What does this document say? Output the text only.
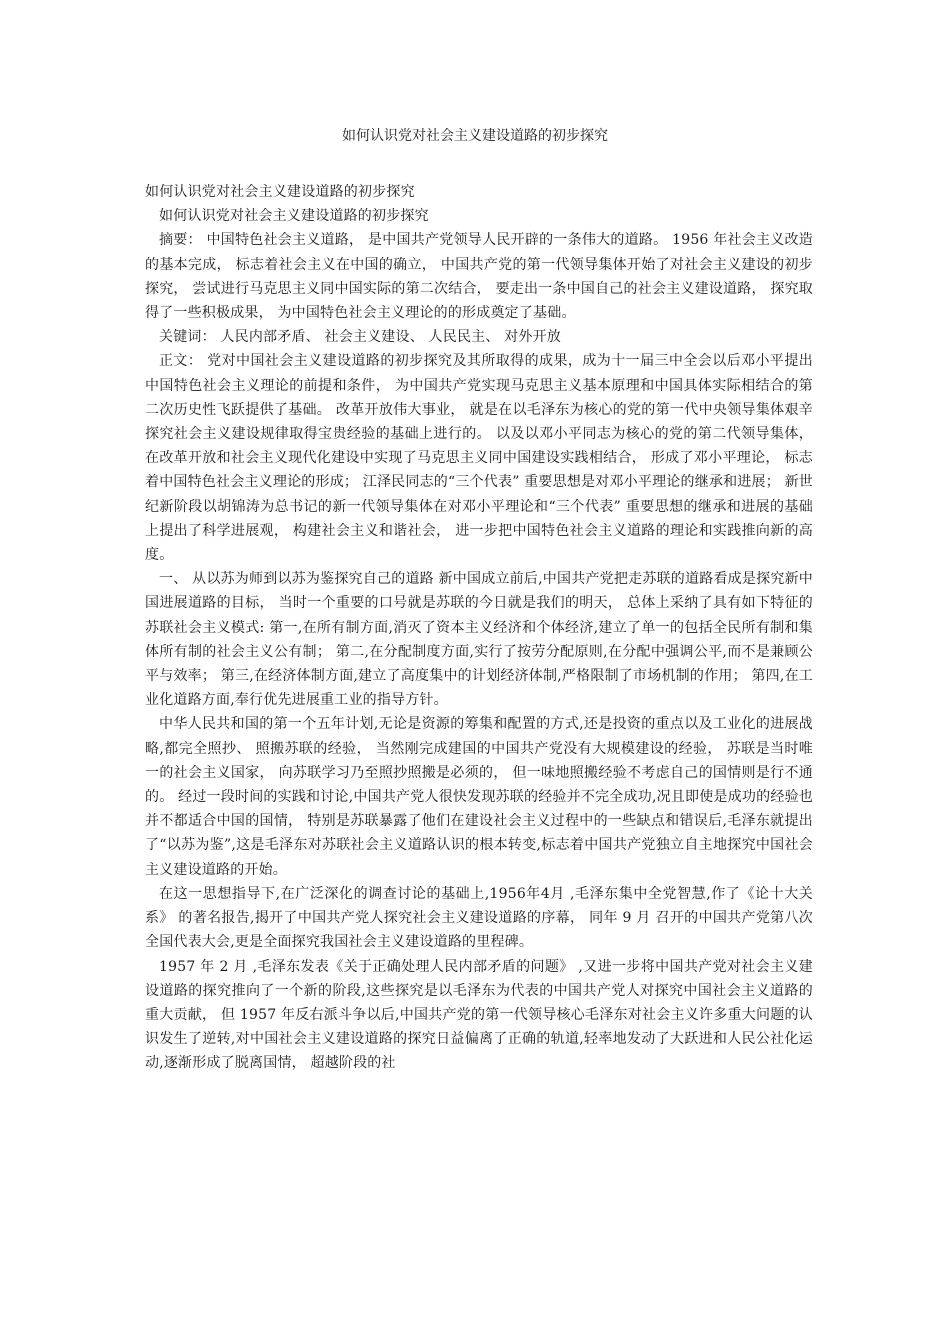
如何认识党对社会主义建设道路的初步探究

如何认识党对社会主义建设道路的初步探究

如何认识党对社会主义建设道路的初步探究

摘要： 中国特色社会主义道路， 是中国共产党领导人民开辟的一条伟大的道路。 1956 年社会主义改造的基本完成， 标志着社会主义在中国的确立， 中国共产党的第一代领导集体开始了对社会主义建设的初步探究， 尝试进行马克思主义同中国实际的第二次结合， 要走出一条中国自己的社会主义建设道路， 探究取得了一些积极成果， 为中国特色社会主义理论的的形成奠定了基础。

关键词： 人民内部矛盾、 社会主义建设、 人民民主、 对外开放

正文： 党对中国社会主义建设道路的初步探究及其所取得的成果，成为十一届三中全会以后邓小平提出中国特色社会主义理论的前提和条件， 为中国共产党实现马克思主义基本原理和中国具体实际相结合的第二次历史性飞跃提供了基础。 改革开放伟大事业， 就是在以毛泽东为核心的党的第一代中央领导集体艰辛探究社会主义建设规律取得宝贵经验的基础上进行的。 以及以邓小平同志为核心的党的第二代领导集体， 在改革开放和社会主义现代化建设中实现了马克思主义同中国建设实践相结合， 形成了邓小平理论， 标志着中国特色社会主义理论的形成； 江泽民同志的“三个代表” 重要思想是对邓小平理论的继承和进展； 新世纪新阶段以胡锦涛为总书记的新一代领导集体在对邓小平理论和“三个代表” 重要思想的继承和进展的基础上提出了科学进展观， 构建社会主义和谐社会， 进一步把中国特色社会主义道路的理论和实践推向新的高度。

一、 从以苏为师到以苏为鉴探究自己的道路 新中国成立前后,中国共产党把走苏联的道路看成是探究新中国进展道路的目标， 当时一个重要的口号就是苏联的今日就是我们的明天， 总体上采纳了具有如下特征的苏联社会主义模式: 第一,在所有制方面,消灭了资本主义经济和个体经济,建立了单一的包括全民所有制和集体所有制的社会主义公有制； 第二,在分配制度方面,实行了按劳分配原则,在分配中强调公平,而不是兼顾公平与效率； 第三,在经济体制方面,建立了高度集中的计划经济体制,严格限制了市场机制的作用； 第四,在工业化道路方面,奉行优先进展重工业的指导方针。

中华人民共和国的第一个五年计划,无论是资源的筹集和配置的方式,还是投资的重点以及工业化的进展战略,都完全照抄、 照搬苏联的经验， 当然刚完成建国的中国共产党没有大规模建设的经验， 苏联是当时唯一的社会主义国家， 向苏联学习乃至照抄照搬是必须的， 但一味地照搬经验不考虑自己的国情则是行不通的。 经过一段时间的实践和讨论,中国共产党人很快发现苏联的经验并不完全成功,况且即使是成功的经验也并不都适合中国的国情， 特别是苏联暴露了他们在建设社会主义过程中的一些缺点和错误后,毛泽东就提出了“以苏为鉴”,这是毛泽东对苏联社会主义道路认识的根本转变,标志着中国共产党独立自主地探究中国社会主义建设道路的开始。

在这一思想指导下,在广泛深化的调查讨论的基础上,1956年4月 ,毛泽东集中全党智慧,作了《论十大关系》 的著名报告,揭开了中国共产党人探究社会主义建设道路的序幕， 同年 9 月 召开的中国共产党第八次全国代表大会,更是全面探究我国社会主义建设道路的里程碑。

1957 年 2 月 ,毛泽东发表《关于正确处理人民内部矛盾的问题》 ,又进一步将中国共产党对社会主义建设道路的探究推向了一个新的阶段,这些探究是以毛泽东为代表的中国共产党人对探究中国社会主义道路的重大贡献， 但 1957 年反右派斗争以后,中国共产党的第一代领导核心毛泽东对社会主义许多重大问题的认识发生了逆转,对中国社会主义建设道路的探究日益偏离了正确的轨道,轻率地发动了大跃进和人民公社化运动,逐渐形成了脱离国情， 超越阶段的社
